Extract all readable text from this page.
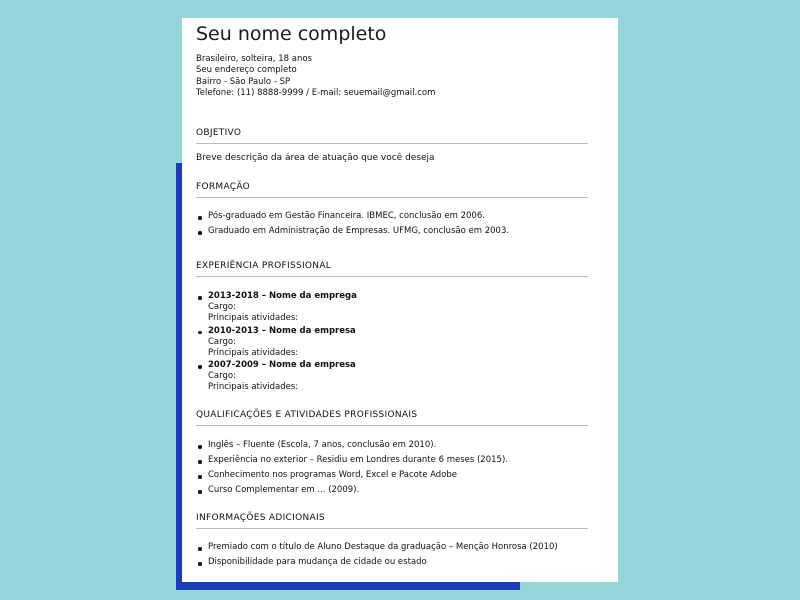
Seu nome completo
Brasileiro, solteira, 18 anos
Seu endereço completo
Bairro - São Paulo - SP
Telefone: (11) 8888-9999 / E-mail: seuemail@gmail.com
OBJETIVO
Breve descrição da área de atuação que você deseja
FORMAÇÃO
Pós-graduado em Gestão Financeira. IBMEC, conclusão em 2006.
Graduado em Administração de Empresas. UFMG, conclusão em 2003.
EXPERIÊNCIA PROFISSIONAL
2013-2018 – Nome da emprega
Cargo:
Principais atividades:
2010-2013 – Nome da empresa
Cargo:
Principais atividades:
2007-2009 – Nome da empresa
Cargo:
Principais atividades:
QUALIFICAÇÕES E ATIVIDADES PROFISSIONAIS
Inglês – Fluente (Escola, 7 anos, conclusão em 2010).
Experiência no exterior – Residiu em Londres durante 6 meses (2015).
Conhecimento nos programas Word, Excel e Pacote Adobe
Curso Complementar em ... (2009).
INFORMAÇÕES ADICIONAIS
Premiado com o título de Aluno Destaque da graduação – Menção Honrosa (2010)
Disponibilidade para mudança de cidade ou estado
